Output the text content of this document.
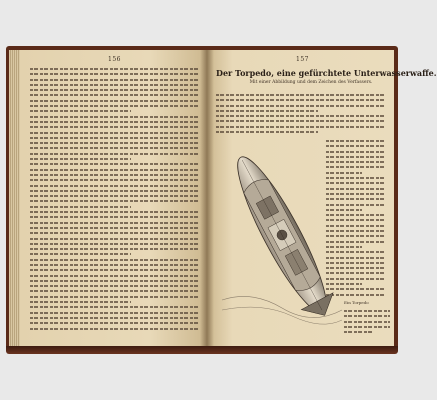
156	157
Der Torpedo, eine gefürchtete Unterwasserwaffe.
Mit einer Abbildung und dem Zeichen des Verfassers.
Ein Torpedo
